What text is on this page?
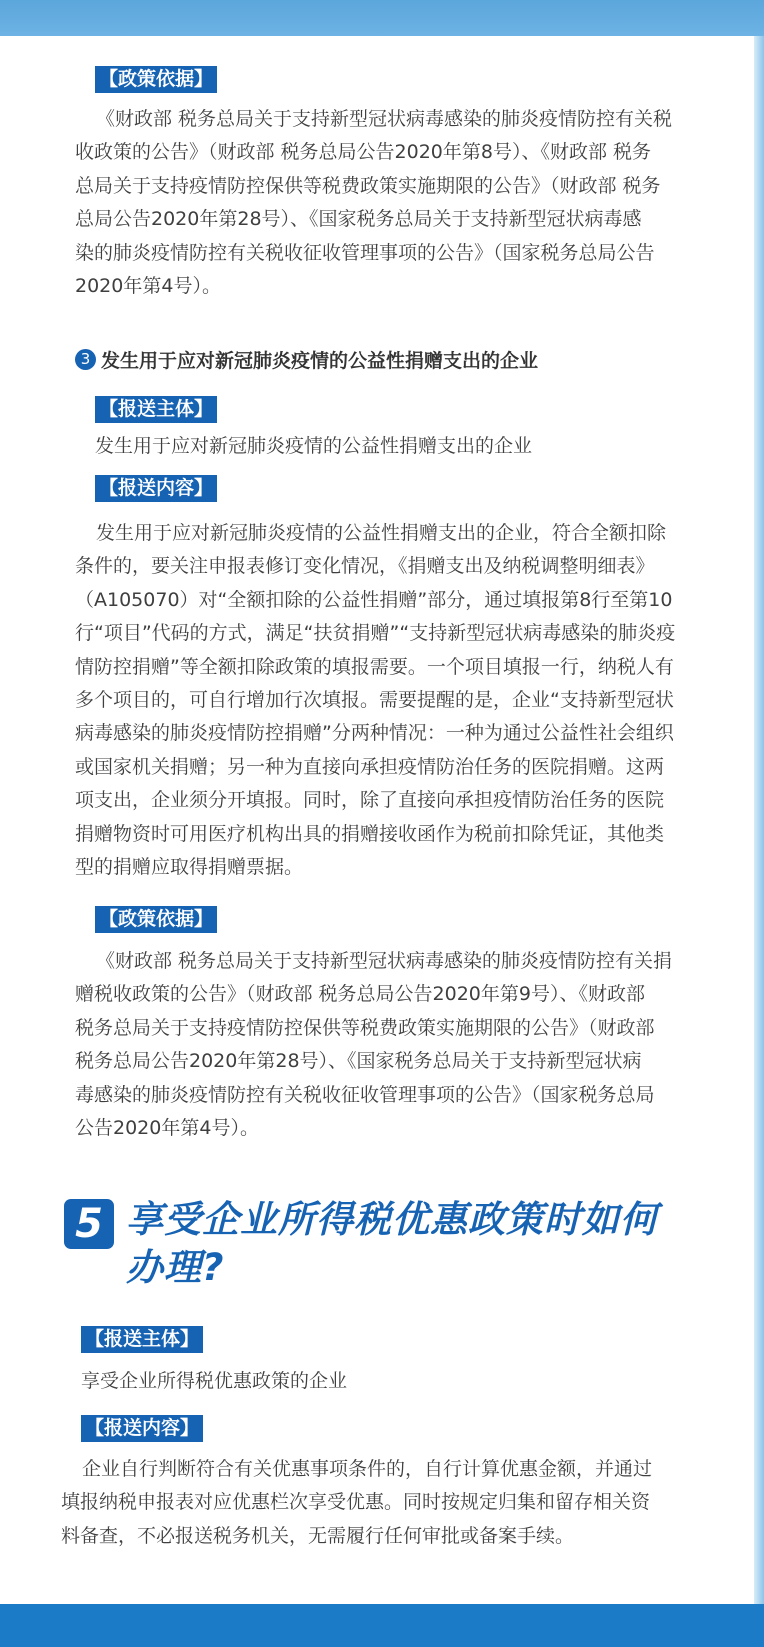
【政策依据】
《财政部 税务总局关于支持新型冠状病毒感染的肺炎疫情防控有关税
收政策的公告》（财政部 税务总局公告2020年第8号）、《财政部 税务
总局关于支持疫情防控保供等税费政策实施期限的公告》（财政部 税务
总局公告2020年第28号）、《国家税务总局关于支持新型冠状病毒感
染的肺炎疫情防控有关税收征收管理事项的公告》（国家税务总局公告
2020年第4号）。
3 发生用于应对新冠肺炎疫情的公益性捐赠支出的企业
【报送主体】
发生用于应对新冠肺炎疫情的公益性捐赠支出的企业
【报送内容】
发生用于应对新冠肺炎疫情的公益性捐赠支出的企业，符合全额扣除
条件的，要关注申报表修订变化情况，《捐赠支出及纳税调整明细表》
（A105070）对“全额扣除的公益性捐赠”部分，通过填报第8行至第10
行“项目”代码的方式，满足“扶贫捐赠”“支持新型冠状病毒感染的肺炎疫
情防控捐赠”等全额扣除政策的填报需要。一个项目填报一行，纳税人有
多个项目的，可自行增加行次填报。需要提醒的是，企业“支持新型冠状
病毒感染的肺炎疫情防控捐赠”分两种情况：一种为通过公益性社会组织
或国家机关捐赠；另一种为直接向承担疫情防治任务的医院捐赠。这两
项支出，企业须分开填报。同时，除了直接向承担疫情防治任务的医院
捐赠物资时可用医疗机构出具的捐赠接收函作为税前扣除凭证，其他类
型的捐赠应取得捐赠票据。
【政策依据】
《财政部 税务总局关于支持新型冠状病毒感染的肺炎疫情防控有关捐
赠税收政策的公告》（财政部 税务总局公告2020年第9号）、《财政部
税务总局关于支持疫情防控保供等税费政策实施期限的公告》（财政部
税务总局公告2020年第28号）、《国家税务总局关于支持新型冠状病
毒感染的肺炎疫情防控有关税收征收管理事项的公告》（国家税务总局
公告2020年第4号）。
5 享受企业所得税优惠政策时如何
办理?
【报送主体】
享受企业所得税优惠政策的企业
【报送内容】
企业自行判断符合有关优惠事项条件的，自行计算优惠金额，并通过
填报纳税申报表对应优惠栏次享受优惠。同时按规定归集和留存相关资
料备查，不必报送税务机关，无需履行任何审批或备案手续。
